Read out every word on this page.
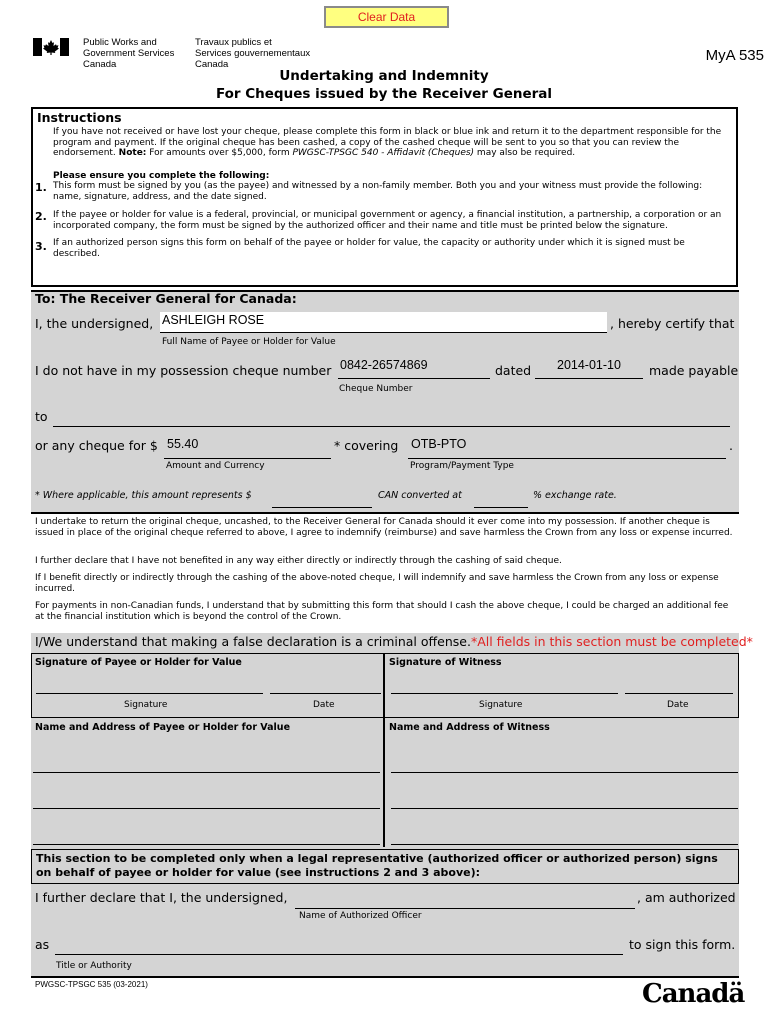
Clear Data
Public Works and
Government Services
Canada
Travaux publics et
Services gouvernementaux
Canada
MyA 535
Undertaking and Indemnity
For Cheques issued by the Receiver General
Instructions
If you have not received or have lost your cheque, please complete this form in black or blue ink and return it to the department responsible for the program and payment. If the original cheque has been cashed, a copy of the cashed cheque will be sent to you so that you can review the endorsement. Note: For amounts over $5,000, form PWGSC-TPSGC 540 - Affidavit (Cheques) may also be required.
Please ensure you complete the following:
1. This form must be signed by you (as the payee) and witnessed by a non-family member. Both you and your witness must provide the following: name, signature, address, and the date signed.
2. If the payee or holder for value is a federal, provincial, or municipal government or agency, a financial institution, a partnership, a corporation or an incorporated company, the form must be signed by the authorized officer and their name and title must be printed below the signature.
3. If an authorized person signs this form on behalf of the payee or holder for value, the capacity or authority under which it is signed must be described.
To: The Receiver General for Canada:
I, the undersigned, ASHLEIGH ROSE	, hereby certify that
Full Name of Payee or Holder for Value
I do not have in my possession cheque number 0842-26574869
Cheque Number
dated 2014-01-10 made payable
to
or any cheque for $ 55.40
Amount and Currency
* covering OTB-PTO	.
Program/Payment Type
* Where applicable, this amount represents $	CAN converted at	% exchange rate.
I undertake to return the original cheque, uncashed, to the Receiver General for Canada should it ever come into my possession. If another cheque is issued in place of the original cheque referred to above, I agree to indemnify (reimburse) and save harmless the Crown from any loss or expense incurred.
I further declare that I have not benefited in any way either directly or indirectly through the cashing of said cheque.
If I benefit directly or indirectly through the cashing of the above-noted cheque, I will indemnify and save harmless the Crown from any loss or expense incurred.
For payments in non-Canadian funds, I understand that by submitting this form that should I cash the above cheque, I could be charged an additional fee at the financial institution which is beyond the control of the Crown.
I/We understand that making a false declaration is a criminal offense.*All fields in this section must be completed*
Signature of Payee or Holder for Value	Signature of Witness
Signature	Date	Signature	Date
Name and Address of Payee or Holder for Value	Name and Address of Witness
This section to be completed only when a legal representative (authorized officer or authorized person) signs on behalf of payee or holder for value (see instructions 2 and 3 above):
I further declare that I, the undersigned,	, am authorized
Name of Authorized Officer
as	to sign this form.
Title or Authority
PWGSC-TPSGC 535 (03-2021)	Canadä
